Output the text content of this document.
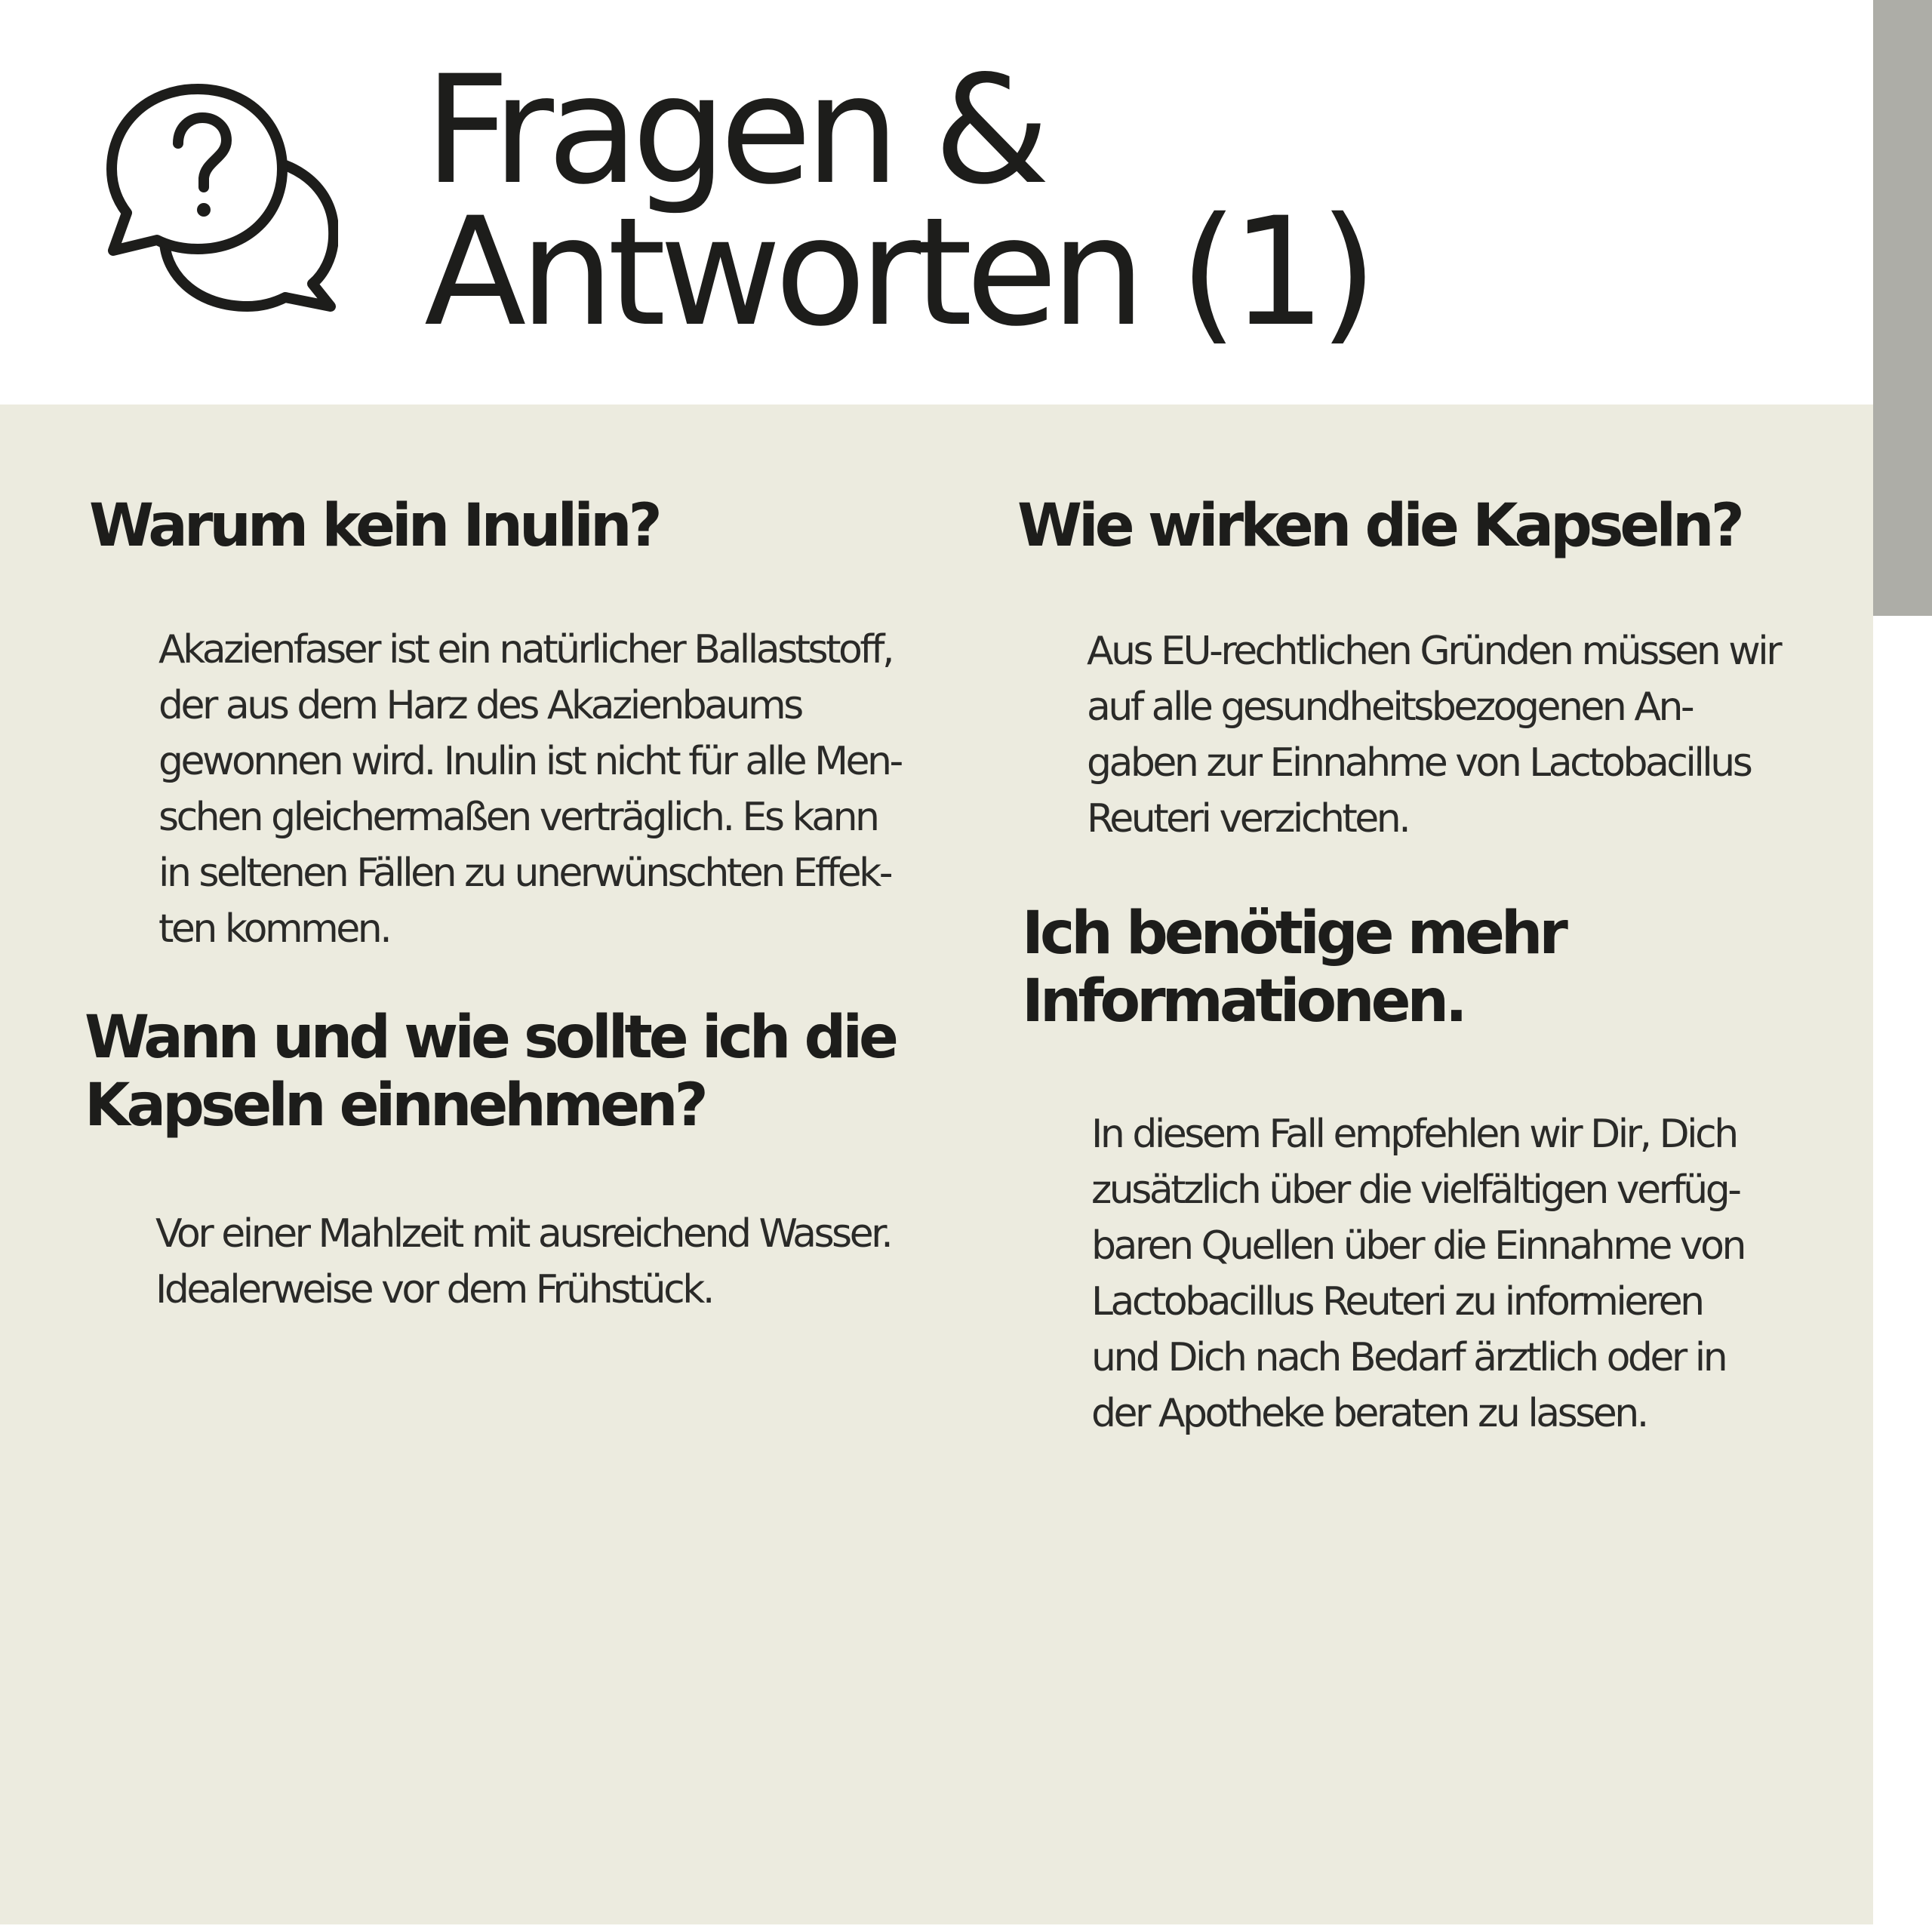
Fragen &
Antworten (1)
Warum kein Inulin?
Akazienfaser ist ein natürlicher Ballaststoff,
der aus dem Harz des Akazienbaums
gewonnen wird. Inulin ist nicht für alle Men-
schen gleichermaßen verträglich. Es kann
in seltenen Fällen zu unerwünschten Effek-
ten kommen.
Wann und wie sollte ich die
Kapseln einnehmen?
Vor einer Mahlzeit mit ausreichend Wasser.
Idealerweise vor dem Frühstück.
Wie wirken die Kapseln?
Aus EU-rechtlichen Gründen müssen wir
auf alle gesundheitsbezogenen An-
gaben zur Einnahme von Lactobacillus
Reuteri verzichten.
Ich benötige mehr
Informationen.
In diesem Fall empfehlen wir Dir, Dich
zusätzlich über die vielfältigen verfüg-
baren Quellen über die Einnahme von
Lactobacillus Reuteri zu informieren
und Dich nach Bedarf ärztlich oder in
der Apotheke beraten zu lassen.
